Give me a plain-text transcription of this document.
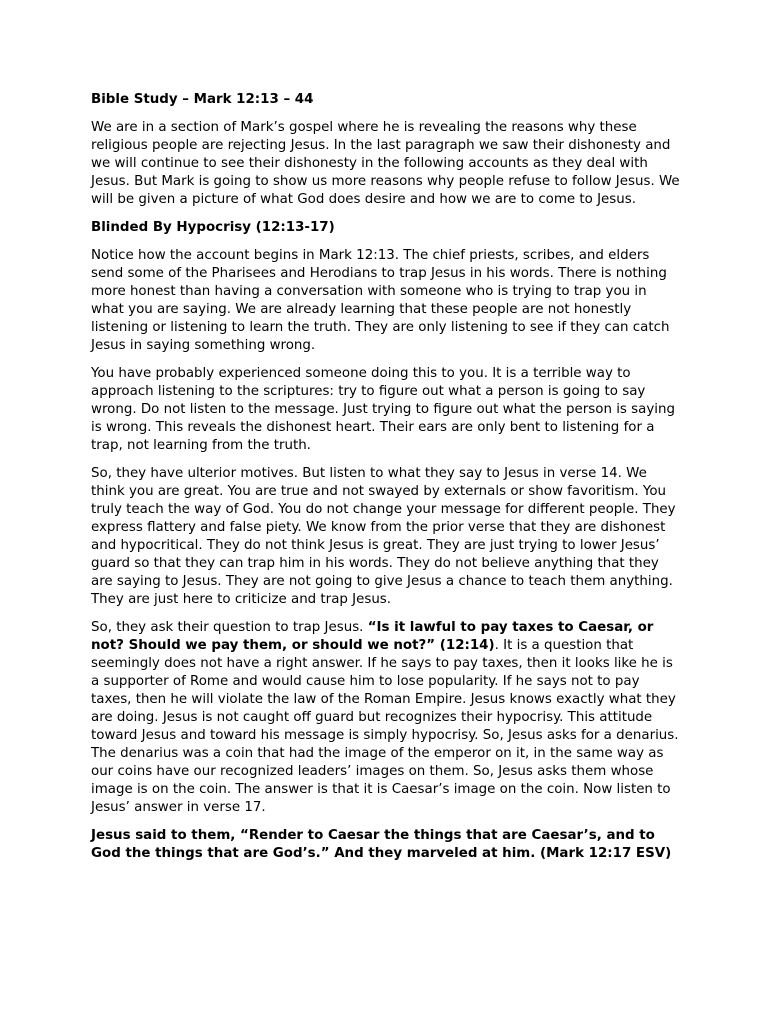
Bible Study – Mark 12:13 – 44

We are in a section of Mark’s gospel where he is revealing the reasons why these religious people are rejecting Jesus. In the last paragraph we saw their dishonesty and we will continue to see their dishonesty in the following accounts as they deal with Jesus. But Mark is going to show us more reasons why people refuse to follow Jesus. We will be given a picture of what God does desire and how we are to come to Jesus.

Blinded By Hypocrisy (12:13-17)

Notice how the account begins in Mark 12:13. The chief priests, scribes, and elders send some of the Pharisees and Herodians to trap Jesus in his words. There is nothing more honest than having a conversation with someone who is trying to trap you in what you are saying. We are already learning that these people are not honestly listening or listening to learn the truth. They are only listening to see if they can catch Jesus in saying something wrong.

You have probably experienced someone doing this to you. It is a terrible way to approach listening to the scriptures: try to figure out what a person is going to say wrong. Do not listen to the message. Just trying to figure out what the person is saying is wrong. This reveals the dishonest heart. Their ears are only bent to listening for a trap, not learning from the truth.

So, they have ulterior motives. But listen to what they say to Jesus in verse 14. We think you are great. You are true and not swayed by externals or show favoritism. You truly teach the way of God. You do not change your message for different people. They express flattery and false piety. We know from the prior verse that they are dishonest and hypocritical. They do not think Jesus is great. They are just trying to lower Jesus’ guard so that they can trap him in his words. They do not believe anything that they are saying to Jesus. They are not going to give Jesus a chance to teach them anything. They are just here to criticize and trap Jesus.

So, they ask their question to trap Jesus. “Is it lawful to pay taxes to Caesar, or not? Should we pay them, or should we not?” (12:14). It is a question that seemingly does not have a right answer. If he says to pay taxes, then it looks like he is a supporter of Rome and would cause him to lose popularity. If he says not to pay taxes, then he will violate the law of the Roman Empire. Jesus knows exactly what they are doing. Jesus is not caught off guard but recognizes their hypocrisy. This attitude toward Jesus and toward his message is simply hypocrisy. So, Jesus asks for a denarius. The denarius was a coin that had the image of the emperor on it, in the same way as our coins have our recognized leaders’ images on them. So, Jesus asks them whose image is on the coin. The answer is that it is Caesar’s image on the coin. Now listen to Jesus’ answer in verse 17.

Jesus said to them, “Render to Caesar the things that are Caesar’s, and to God the things that are God’s.” And they marveled at him. (Mark 12:17 ESV)
